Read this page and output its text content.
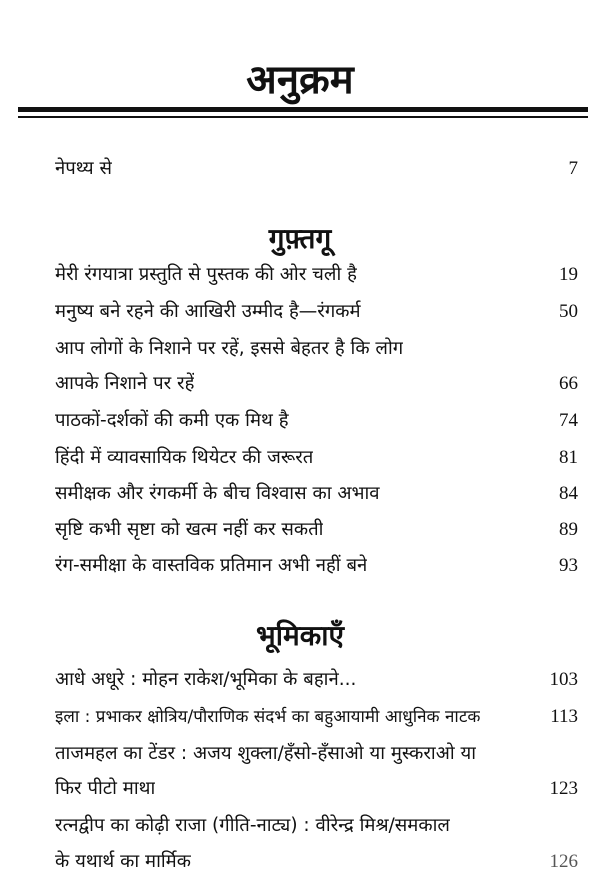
अनुक्रम
नेपथ्य से	7
गुफ़्तगू
मेरी रंगयात्रा प्रस्तुति से पुस्तक की ओर चली है	19
मनुष्य बने रहने की आखिरी उम्मीद है—रंगकर्म	50
आप लोगों के निशाने पर रहें, इससे बेहतर है कि लोग
आपके निशाने पर रहें	66
पाठकों-दर्शकों की कमी एक मिथ है	74
हिंदी में व्यावसायिक थियेटर की जरूरत	81
समीक्षक और रंगकर्मी के बीच विश्वास का अभाव	84
सृष्टि कभी सृष्टा को खत्म नहीं कर सकती	89
रंग-समीक्षा के वास्तविक प्रतिमान अभी नहीं बने	93
भूमिकाएँ
आधे अधूरे : मोहन राकेश/भूमिका के बहाने...	103
इला : प्रभाकर क्षोत्रिय/पौराणिक संदर्भ का बहुआयामी आधुनिक नाटक	113
ताजमहल का टेंडर : अजय शुक्ला/हँसो-हँसाओ या मुस्कराओ या
फिर पीटो माथा	123
रत्नद्वीप का कोढ़ी राजा (गीति-नाट्य) : वीरेन्द्र मिश्र/समकाल
के यथार्थ का मार्मिक	126
